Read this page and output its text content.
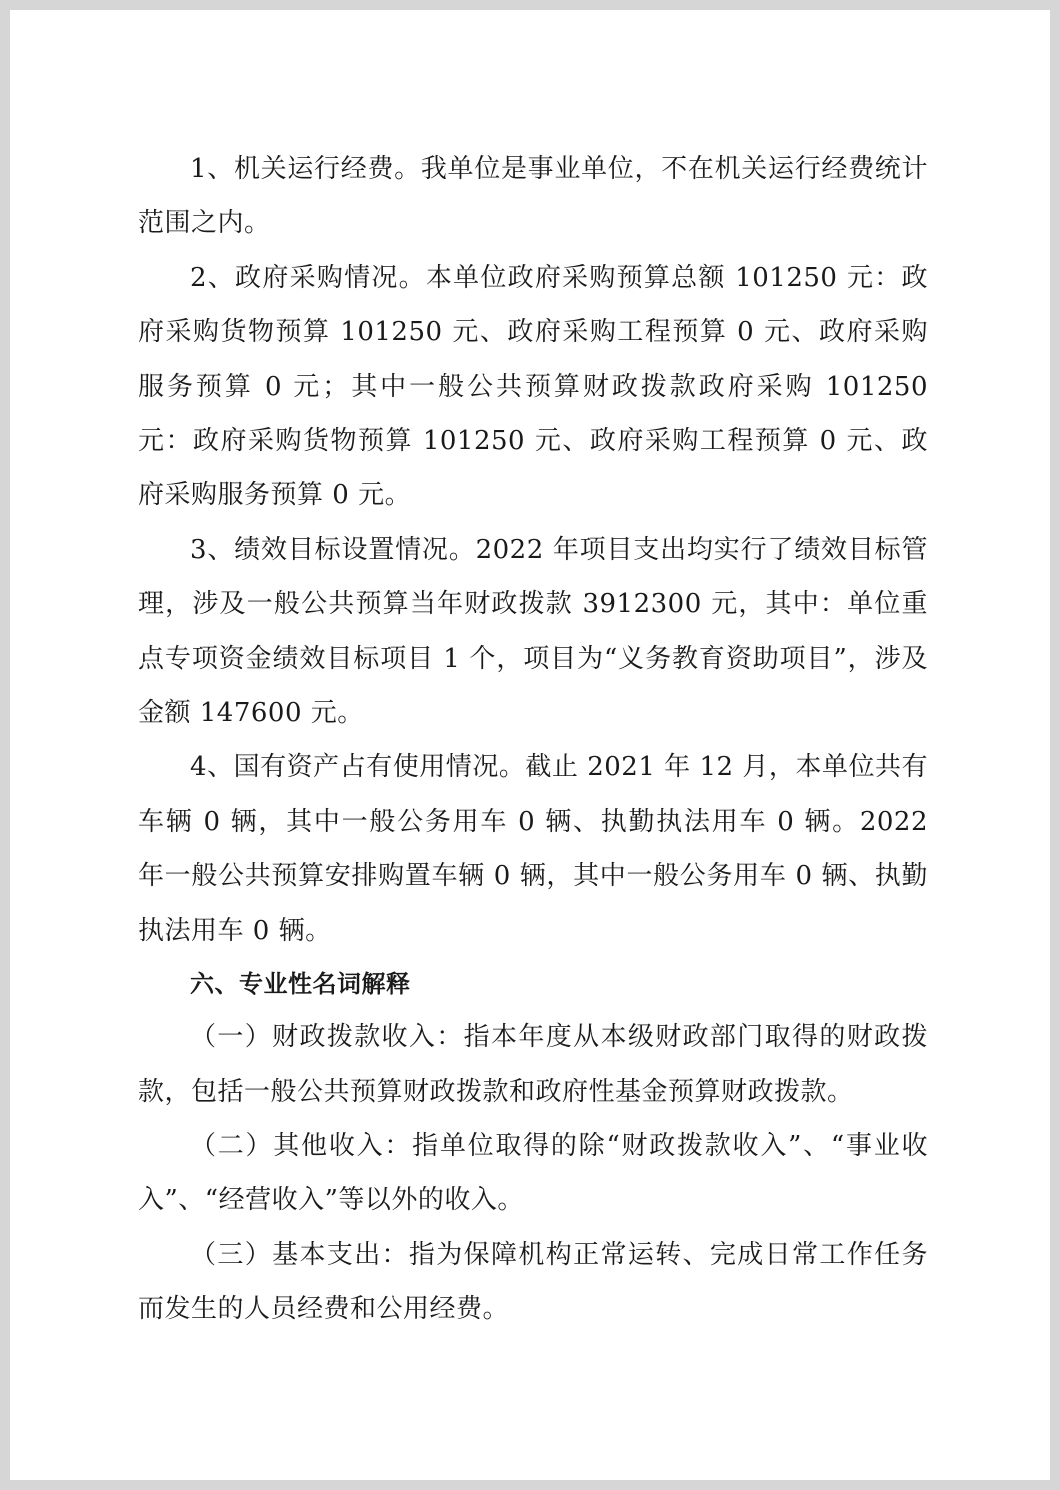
1、机关运行经费。我单位是事业单位，不在机关运行经费统计范围之内。

2、政府采购情况。本单位政府采购预算总额 101250 元：政府采购货物预算 101250 元、政府采购工程预算 0 元、政府采购服务预算 0 元；其中一般公共预算财政拨款政府采购 101250 元：政府采购货物预算 101250 元、政府采购工程预算 0 元、政府采购服务预算 0 元。

3、绩效目标设置情况。2022 年项目支出均实行了绩效目标管理，涉及一般公共预算当年财政拨款 3912300 元，其中：单位重点专项资金绩效目标项目 1 个，项目为“义务教育资助项目”，涉及金额 147600 元。

4、国有资产占有使用情况。截止 2021 年 12 月，本单位共有车辆 0 辆，其中一般公务用车 0 辆、执勤执法用车 0 辆。2022 年一般公共预算安排购置车辆 0 辆，其中一般公务用车 0 辆、执勤执法用车 0 辆。

六、专业性名词解释

（一）财政拨款收入：指本年度从本级财政部门取得的财政拨款，包括一般公共预算财政拨款和政府性基金预算财政拨款。

（二）其他收入：指单位取得的除“财政拨款收入”、“事业收入”、“经营收入”等以外的收入。

（三）基本支出：指为保障机构正常运转、完成日常工作任务而发生的人员经费和公用经费。
